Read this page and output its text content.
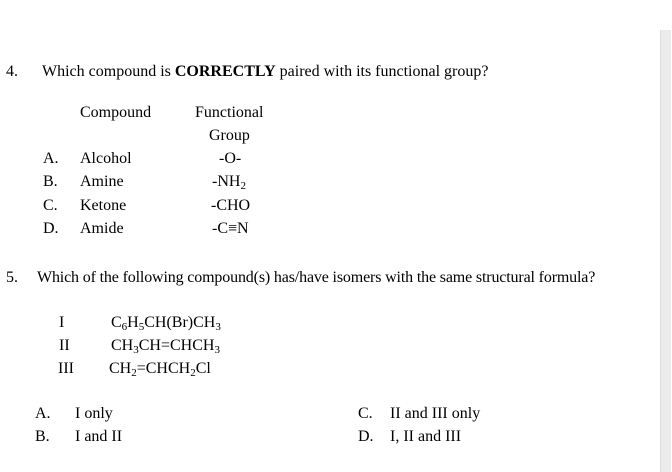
4. Which compound is CORRECTLY paired with its functional group?
Compound	Functional
Group
A. Alcohol	-O-
B. Amine	$-NH_2$
C. Ketone	-CHO
D. Amide	-C≡N
5. Which of the following compound(s) has/have isomers with the same structural formula?
I	$C_6H_5CH(Br)CH_3$
II	$CH_3CH=CHCH_3$
III $CH_2=CHCH_2Cl$
A. I only
B. I and II
C. II and III only
D. I, II and III
